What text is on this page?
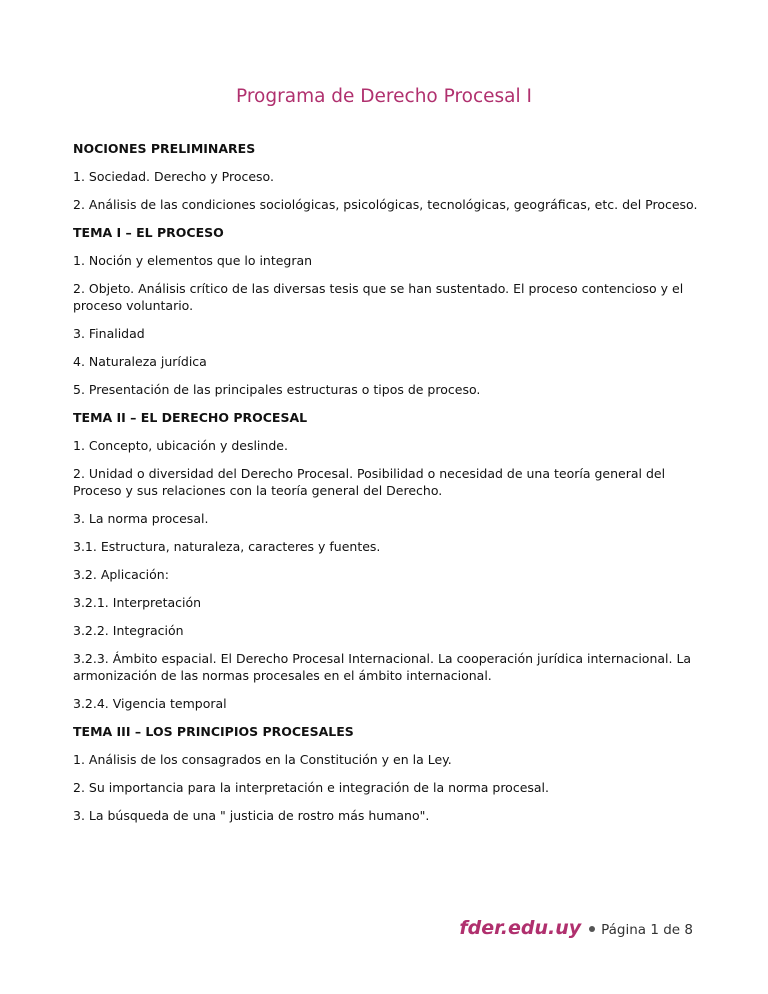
Programa de Derecho Procesal I

NOCIONES PRELIMINARES

1. Sociedad. Derecho y Proceso.

2. Análisis de las condiciones sociológicas, psicológicas, tecnológicas, geográficas, etc. del Proceso.

TEMA I – EL PROCESO

1. Noción y elementos que lo integran

2. Objeto. Análisis crítico de las diversas tesis que se han sustentado. El proceso contencioso y el proceso voluntario.

3. Finalidad

4. Naturaleza jurídica

5. Presentación de las principales estructuras o tipos de proceso.

TEMA II – EL DERECHO PROCESAL

1. Concepto, ubicación y deslinde.

2. Unidad o diversidad del Derecho Procesal. Posibilidad o necesidad de una teoría general del Proceso y sus relaciones con la teoría general del Derecho.

3. La norma procesal.

3.1. Estructura, naturaleza, caracteres y fuentes.

3.2. Aplicación:

3.2.1. Interpretación

3.2.2. Integración

3.2.3. Ámbito espacial. El Derecho Procesal Internacional. La cooperación jurídica internacional. La armonización de las normas procesales en el ámbito internacional.

3.2.4. Vigencia temporal

TEMA III – LOS PRINCIPIOS PROCESALES

1. Análisis de los consagrados en la Constitución y en la Ley.

2. Su importancia para la interpretación e integración de la norma procesal.

3. La búsqueda de una " justicia de rostro más humano".

fder.edu.uy Página 1 de 8
